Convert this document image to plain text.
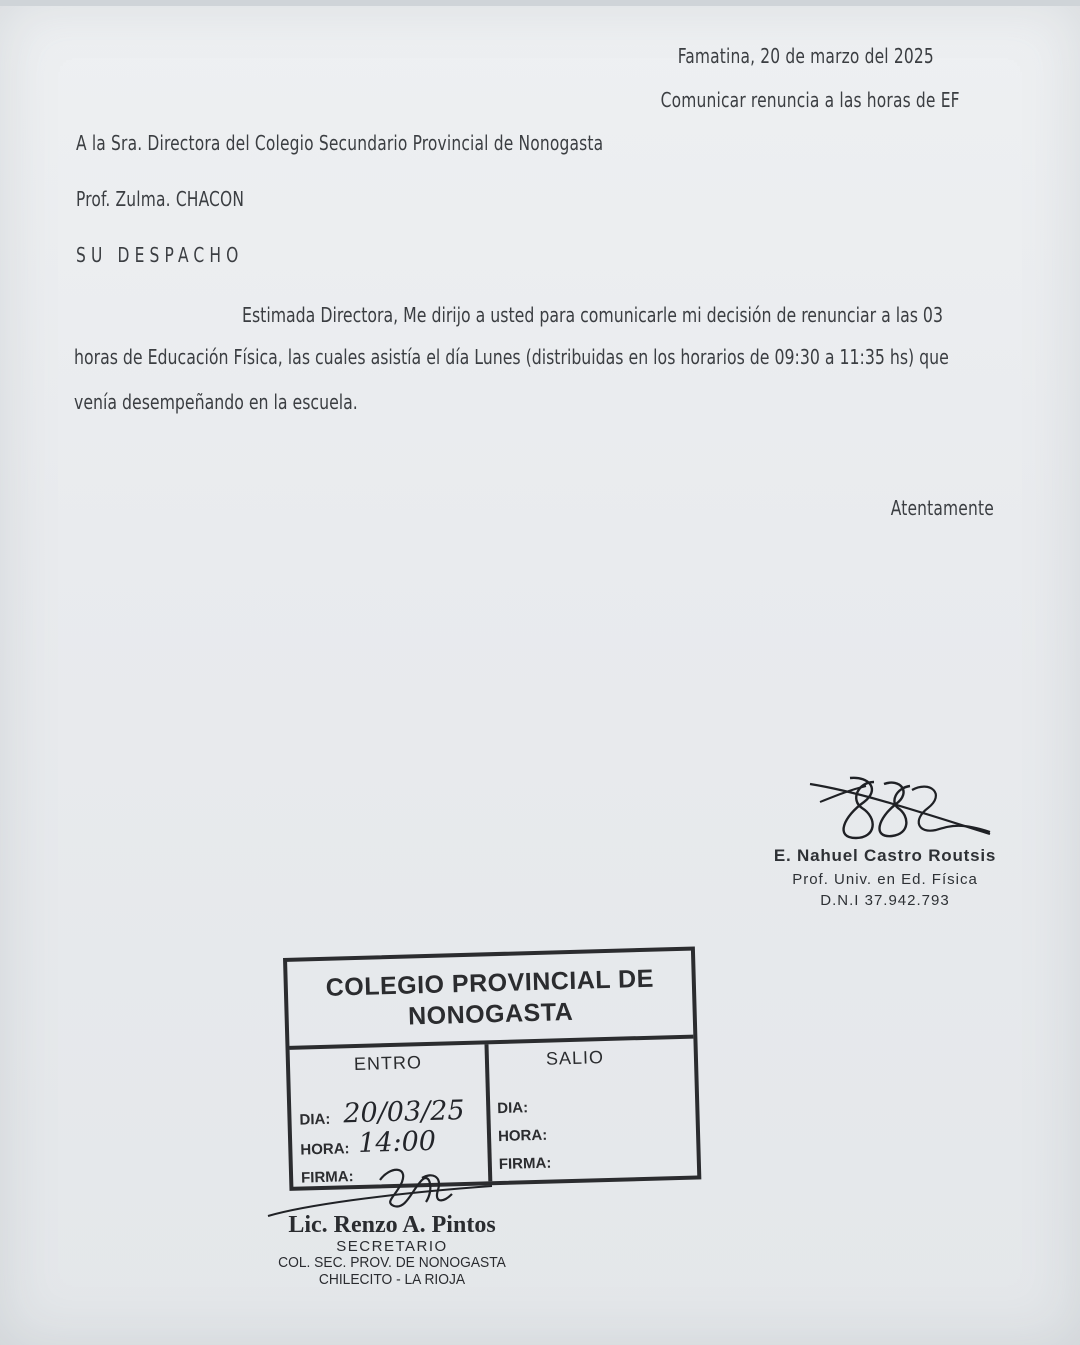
Famatina, 20 de marzo del 2025
Comunicar renuncia a las horas de EF
A la Sra. Directora del Colegio Secundario Provincial de Nonogasta
Prof. Zulma. CHACON
SU DESPACHO
Estimada Directora, Me dirijo a usted para comunicarle mi decisión de renunciar a las 03
horas de Educación Física, las cuales asistía el día Lunes (distribuidas en los horarios de 09:30 a 11:35 hs) que
venía desempeñando en la escuela.
Atentamente
E. Nahuel Castro Routsis
Prof. Univ. en Ed. Física
D.N.I 37.942.793
COLEGIO PROVINCIAL DE
NONOGASTA
ENTRO	SALIO
DIA: 20/03/25
HORA: 14:00
FIRMA:
DIA:
HORA:
FIRMA:
Lic. Renzo A. Pintos
SECRETARIO
COL. SEC. PROV. DE NONOGASTA
CHILECITO - LA RIOJA
